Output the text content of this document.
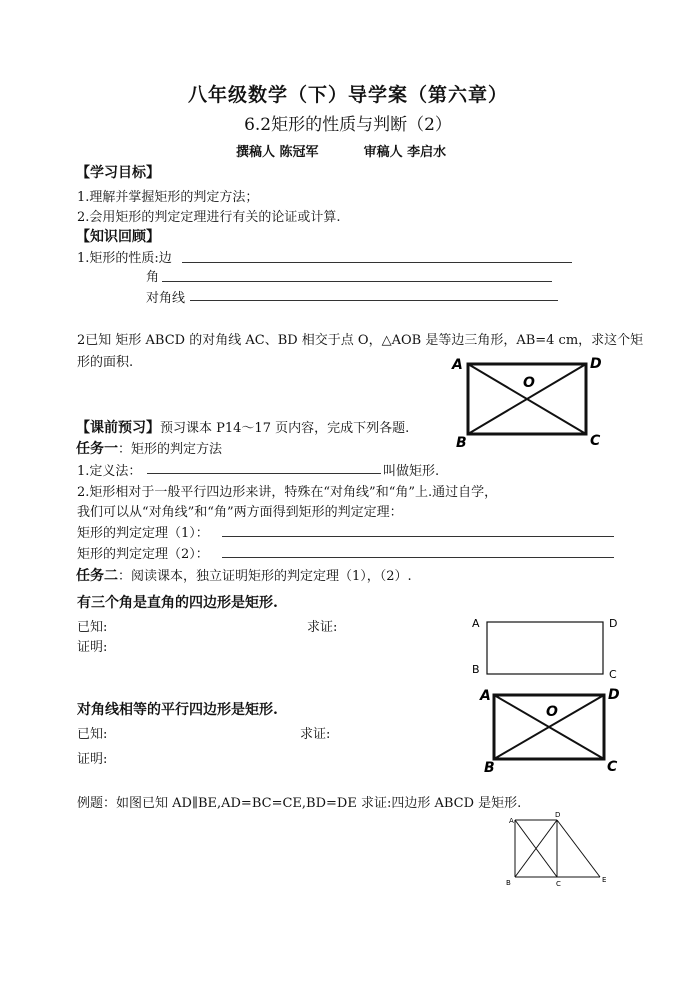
八年级数学（下）导学案（第六章）
6.2矩形的性质与判断（2）
撰稿人 陈冠军	审稿人 李启水
【学习目标】
1.理解并掌握矩形的判定方法；
2.会用矩形的判定定理进行有关的论证或计算.
【知识回顾】
1.矩形的性质:边
角
对角线
2已知 矩形 ABCD 的对角线 AC、BD 相交于点 O，△AOB 是等边三角形，AB=4 cm，求这个矩
形的面积.	A	D
B	C
O
【课前预习】预习课本 P14～17 页内容，完成下列各题.
任务一：矩形的判定方法
1.定义法：	叫做矩形.
2.矩形相对于一般平行四边形来讲，特殊在“对角线”和“角”上.通过自学，
我们可以从“对角线”和“角”两方面得到矩形的判定定理：
矩形的判定定理（1）：
矩形的判定定理（2）：
任务二：阅读课本，独立证明矩形的判定定理（1），（2）.
有三个角是直角的四边形是矩形.
已知:	求证:
证明:
A	D
B	C
对角线相等的平行四边形是矩形.
已知:	求证:
证明:
A	D
B	C
O
例题：如图已知 AD∥BE,AD=BC=CE,BD=DE 求证:四边形 ABCD 是矩形.
A
D
B	C	E
